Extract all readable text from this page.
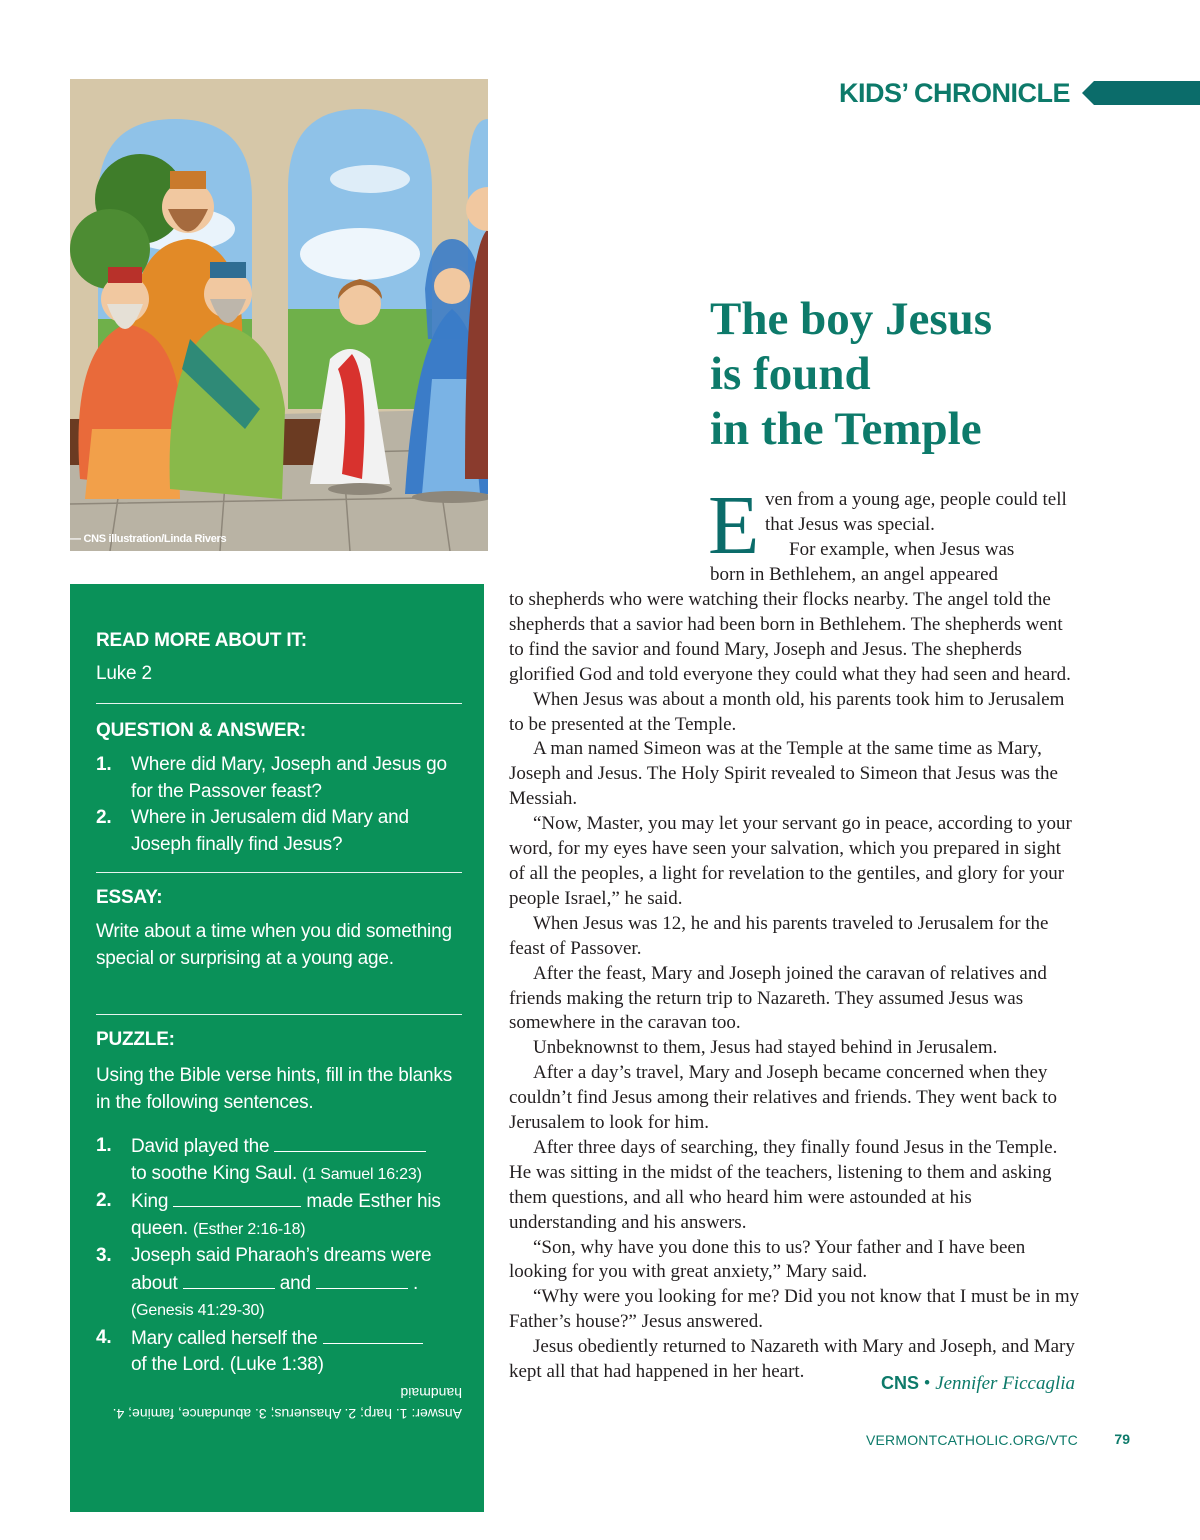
KIDS’ CHRONICLE
— CNS illustration/Linda Rivers
The boy Jesus
is found
in the Temple
E ven from a young age, people could tell that Jesus was special.

For example, when Jesus was

born in Bethlehem, an angel appeared

to shepherds who were watching their flocks nearby. The angel told the shepherds that a savior had been born in Bethlehem. The shepherds went to find the savior and found Mary, Joseph and Jesus. The shepherds glorified God and told everyone they could what they had seen and heard.

When Jesus was about a month old, his parents took him to Jerusalem to be presented at the Temple.

A man named Simeon was at the Temple at the same time as Mary, Joseph and Jesus. The Holy Spirit revealed to Simeon that Jesus was the Messiah.

“Now, Master, you may let your servant go in peace, according to your word, for my eyes have seen your salvation, which you prepared in sight of all the peoples, a light for revelation to the gentiles, and glory for your people Israel,” he said.

When Jesus was 12, he and his parents traveled to Jerusalem for the feast of Passover.

After the feast, Mary and Joseph joined the caravan of relatives and friends making the return trip to Nazareth. They assumed Jesus was somewhere in the caravan too.

Unbeknownst to them, Jesus had stayed behind in Jerusalem.

After a day’s travel, Mary and Joseph became concerned when they couldn’t find Jesus among their relatives and friends. They went back to Jerusalem to look for him.

After three days of searching, they finally found Jesus in the Temple. He was sitting in the midst of the teachers, listening to them and asking them questions, and all who heard him were astounded at his understanding and his answers.

“Son, why have you done this to us? Your father and I have been looking for you with great anxiety,” Mary said.

“Why were you looking for me? Did you not know that I must be in my Father’s house?” Jesus answered.

Jesus obediently returned to Nazareth with Mary and Joseph, and Mary kept all that had happened in her heart.

CNS • Jennifer Ficcaglia
READ MORE ABOUT IT:

Luke 2

QUESTION & ANSWER:
1. Where did Mary, Joseph and Jesus go for the Passover feast?
2. Where in Jerusalem did Mary and Joseph finally find Jesus?
ESSAY:

Write about a time when you did something special or surprising at a young age.

PUZZLE:

Using the Bible verse hints, fill in the blanks in the following sentences.

1. David played the
to soothe King Saul. (1 Samuel 16:23)
2. King	made Esther his queen. (Esther 2:16-18)
3. Joseph said Pharaoh’s dreams were about	and	.
(Genesis 41:29-30)
4. Mary called herself the
of the Lord. (Luke 1:38)
Answer: 1. harp; 2. Ahasuerus; 3. abundance, famine; 4. handmaid
VERMONTCATHOLIC.ORG/VTC	79
